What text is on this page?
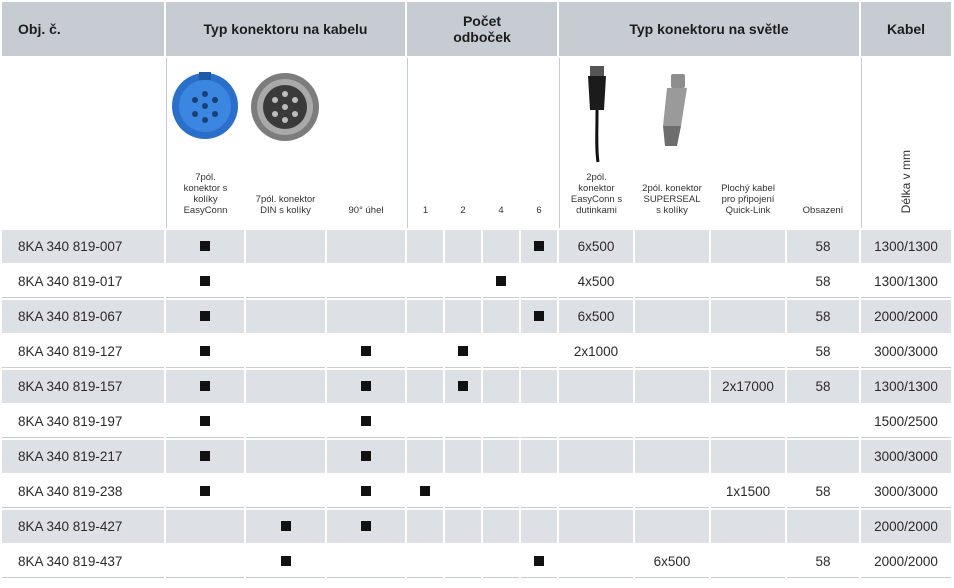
Obj. č.	Typ konektoru na kabelu			Počet odboček				Typ konektoru na světle				Kabel

7pól. konektor s kolíky EasyConn	7pól. konektor DIN s kolíky	90° úhel	1	2	4	6	2pól. konektor EasyConn s dutinkami	2pól. konektor SUPERSEAL s kolíky	Plochý kabel pro připojení Quick-Link	Obsazení	Délka v mm
8KA 340 819-007								6x500			58	1300/1300
8KA 340 819-017								4x500			58	1300/1300
8KA 340 819-067								6x500			58	2000/2000
8KA 340 819-127								2x1000			58	3000/3000
8KA 340 819-157										2x17000	58	1300/1300
8KA 340 819-197												1500/2500
8KA 340 819-217												3000/3000
8KA 340 819-238										1x1500	58	3000/3000
8KA 340 819-427												2000/2000
8KA 340 819-437									6x500		58	2000/2000
